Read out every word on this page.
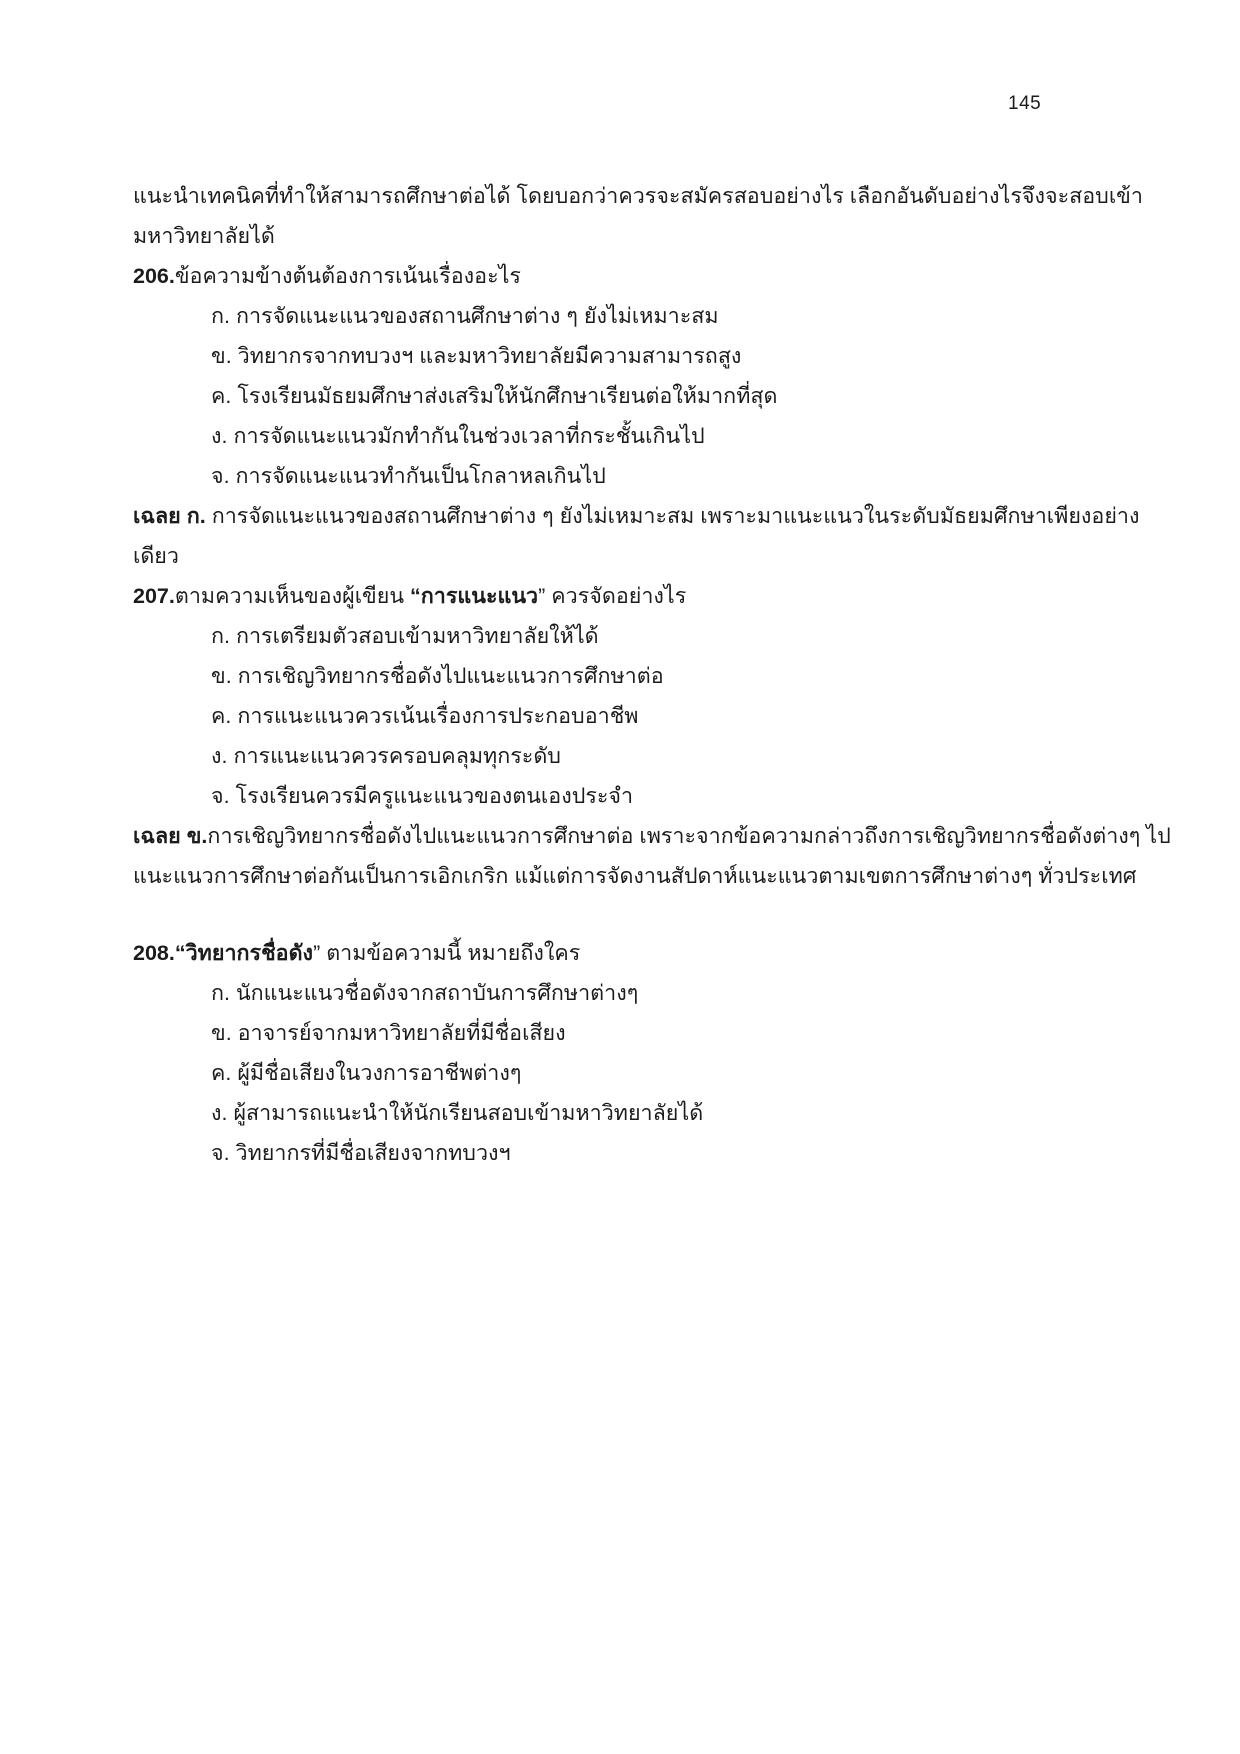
145
แนะนำเทคนิคที่ทำให้สามารถศึกษาต่อได้ โดยบอกว่าควรจะสมัครสอบอย่างไร เลือกอันดับอย่างไรจึงจะสอบเข้า
มหาวิทยาลัยได้
206.ข้อความข้างต้นต้องการเน้นเรื่องอะไร
ก. การจัดแนะแนวของสถานศึกษาต่าง ๆ ยังไม่เหมาะสม
ข. วิทยากรจากทบวงฯ และมหาวิทยาลัยมีความสามารถสูง
ค. โรงเรียนมัธยมศึกษาส่งเสริมให้นักศึกษาเรียนต่อให้มากที่สุด
ง. การจัดแนะแนวมักทำกันในช่วงเวลาที่กระชั้นเกินไป
จ. การจัดแนะแนวทำกันเป็นโกลาหลเกินไป
เฉลย ก. การจัดแนะแนวของสถานศึกษาต่าง ๆ ยังไม่เหมาะสม เพราะมาแนะแนวในระดับมัธยมศึกษาเพียงอย่าง
เดียว
207.ตามความเห็นของผู้เขียน “การแนะแนว” ควรจัดอย่างไร
ก. การเตรียมตัวสอบเข้ามหาวิทยาลัยให้ได้
ข. การเชิญวิทยากรชื่อดังไปแนะแนวการศึกษาต่อ
ค. การแนะแนวควรเน้นเรื่องการประกอบอาชีพ
ง. การแนะแนวควรครอบคลุมทุกระดับ
จ. โรงเรียนควรมีครูแนะแนวของตนเองประจำ
เฉลย ข.การเชิญวิทยากรชื่อดังไปแนะแนวการศึกษาต่อ เพราะจากข้อความกล่าวถึงการเชิญวิทยากรชื่อดังต่างๆ ไป
แนะแนวการศึกษาต่อกันเป็นการเอิกเกริก แม้แต่การจัดงานสัปดาห์แนะแนวตามเขตการศึกษาต่างๆ ทั่วประเทศ
208.“วิทยากรชื่อดัง” ตามข้อความนี้ หมายถึงใคร
ก. นักแนะแนวชื่อดังจากสถาบันการศึกษาต่างๆ
ข. อาจารย์จากมหาวิทยาลัยที่มีชื่อเสียง
ค. ผู้มีชื่อเสียงในวงการอาชีพต่างๆ
ง. ผู้สามารถแนะนำให้นักเรียนสอบเข้ามหาวิทยาลัยได้
จ. วิทยากรที่มีชื่อเสียงจากทบวงฯ
